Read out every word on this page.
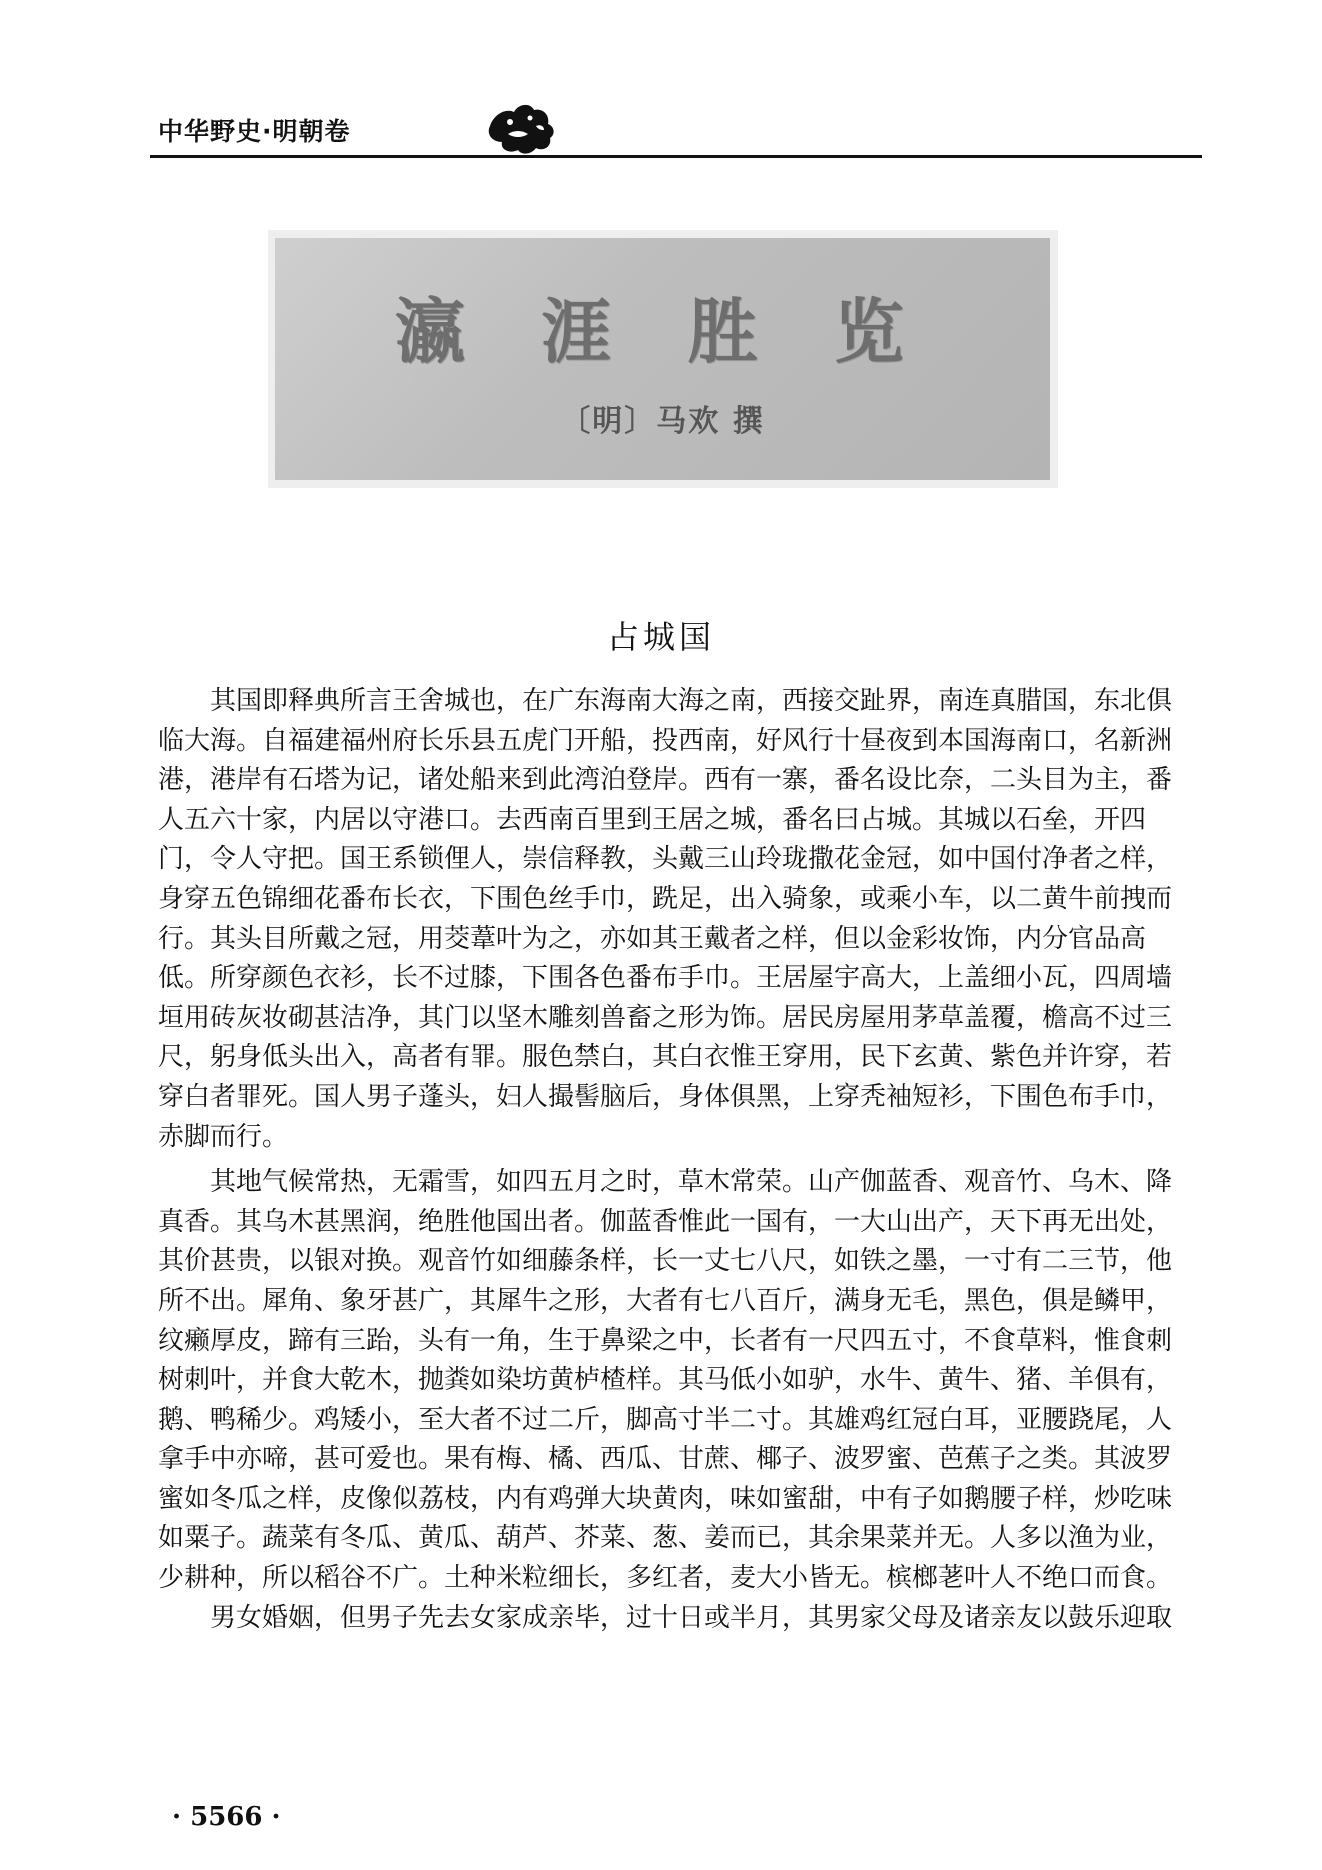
中华野史·明朝卷
瀛 涯 胜 览
〔明〕马欢 撰
占城国

其国即释典所言王舍城也，在广东海南大海之南，西接交趾界，南连真腊国，东北俱
临大海。自福建福州府长乐县五虎门开船，投西南，好风行十昼夜到本国海南口，名新洲
港，港岸有石塔为记，诸处船来到此湾泊登岸。西有一寨，番名设比奈，二头目为主，番
人五六十家，内居以守港口。去西南百里到王居之城，番名曰占城。其城以石垒，开四
门，令人守把。国王系锁俚人，崇信释教，头戴三山玲珑撒花金冠，如中国付净者之样，
身穿五色锦细花番布长衣，下围色丝手巾，跣足，出入骑象，或乘小车，以二黄牛前拽而
行。其头目所戴之冠，用茭葦叶为之，亦如其王戴者之样，但以金彩妆饰，内分官品高
低。所穿颜色衣衫，长不过膝，下围各色番布手巾。王居屋宇高大，上盖细小瓦，四周墙
垣用砖灰妆砌甚洁净，其门以坚木雕刻兽畜之形为饰。居民房屋用茅草盖覆，檐高不过三
尺，躬身低头出入，高者有罪。服色禁白，其白衣惟王穿用，民下玄黄、紫色并许穿，若
穿白者罪死。国人男子蓬头，妇人撮髻脑后，身体俱黑，上穿秃袖短衫，下围色布手巾，
赤脚而行。

其地气候常热，无霜雪，如四五月之时，草木常荣。山产伽蓝香、观音竹、乌木、降
真香。其乌木甚黑润，绝胜他国出者。伽蓝香惟此一国有，一大山出产，天下再无出处，
其价甚贵，以银对换。观音竹如细藤条样，长一丈七八尺，如铁之墨，一寸有二三节，他
所不出。犀角、象牙甚广，其犀牛之形，大者有七八百斤，满身无毛，黑色，俱是鳞甲，
纹癞厚皮，蹄有三跆，头有一角，生于鼻梁之中，长者有一尺四五寸，不食草料，惟食刺
树刺叶，并食大乾木，抛粪如染坊黄栌楂样。其马低小如驴，水牛、黄牛、猪、羊俱有，
鹅、鸭稀少。鸡矮小，至大者不过二斤，脚高寸半二寸。其雄鸡红冠白耳，亚腰跷尾，人
拿手中亦啼，甚可爱也。果有梅、橘、西瓜、甘蔗、椰子、波罗蜜、芭蕉子之类。其波罗
蜜如冬瓜之样，皮像似荔枝，内有鸡弹大块黄肉，味如蜜甜，中有子如鹅腰子样，炒吃味
如粟子。蔬菜有冬瓜、黄瓜、葫芦、芥菜、葱、姜而已，其余果菜并无。人多以渔为业，
少耕种，所以稻谷不广。土种米粒细长，多红者，麦大小皆无。槟榔荖叶人不绝口而食。

男女婚姻，但男子先去女家成亲毕，过十日或半月，其男家父母及诸亲友以鼓乐迎取

· 5566 ·
